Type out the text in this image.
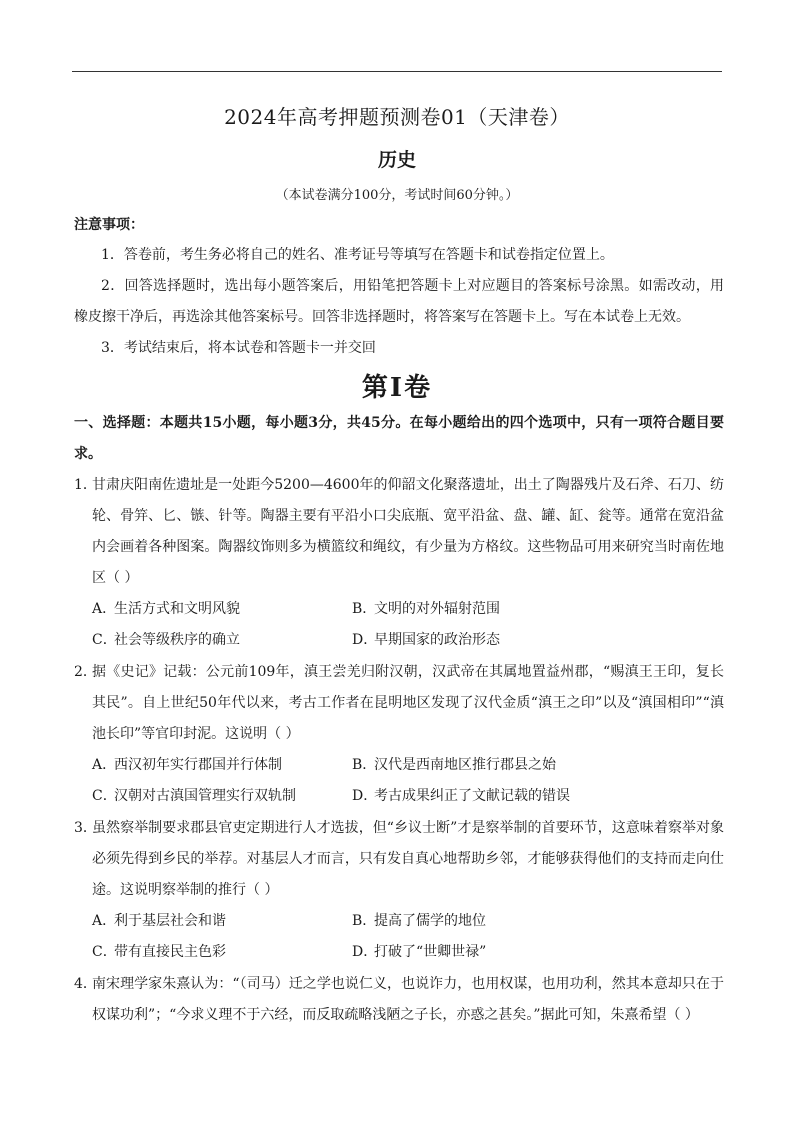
2024年高考押题预测卷01（天津卷）
历史
（本试卷满分100分，考试时间60分钟。）
注意事项：
1．答卷前，考生务必将自己的姓名、准考证号等填写在答题卡和试卷指定位置上。
2．回答选择题时，选出每小题答案后，用铅笔把答题卡上对应题目的答案标号涂黑。如需改动，用橡皮擦干净后，再选涂其他答案标号。回答非选择题时，将答案写在答题卡上。写在本试卷上无效。
3．考试结束后，将本试卷和答题卡一并交回
第I卷
一、选择题：本题共15小题，每小题3分，共45分。在每小题给出的四个选项中，只有一项符合题目要求。
1．
甘肃庆阳南佐遗址是一处距今5200—4600年的仰韶文化聚落遗址，出土了陶器残片及石斧、石刀、纺轮、骨笄、匕、镞、针等。陶器主要有平沿小口尖底瓶、宽平沿盆、盘、罐、缸、瓮等。通常在宽沿盆内会画着各种图案。陶器纹饰则多为横篮纹和绳纹，有少量为方格纹。这些物品可用来研究当时南佐地区（ ）
A．生活方式和文明风貌	B．文明的对外辐射范围
C．社会等级秩序的确立	D．早期国家的政治形态
2．
据《史记》记载：公元前109年，滇王尝羌归附汉朝，汉武帝在其属地置益州郡，“赐滇王王印，复长其民”。自上世纪50年代以来，考古工作者在昆明地区发现了汉代金质“滇王之印”以及“滇国相印”“滇池长印”等官印封泥。这说明（ ）
A．西汉初年实行郡国并行体制	B．汉代是西南地区推行郡县之始
C．汉朝对古滇国管理实行双轨制	D．考古成果纠正了文献记载的错误
3．
虽然察举制要求郡县官吏定期进行人才选拔，但“乡议士断”才是察举制的首要环节，这意味着察举对象必须先得到乡民的举荐。对基层人才而言，只有发自真心地帮助乡邻，才能够获得他们的支持而走向仕途。这说明察举制的推行（ ）
A．利于基层社会和谐	B．提高了儒学的地位
C．带有直接民主色彩	D．打破了“世卿世禄”
4．
南宋理学家朱熹认为：“（司马）迁之学也说仁义，也说诈力，也用权谋，也用功利，然其本意却只在于权谋功利”；“今求义理不于六经，而反取疏略浅陋之子长，亦惑之甚矣。”据此可知，朱熹希望（ ）
